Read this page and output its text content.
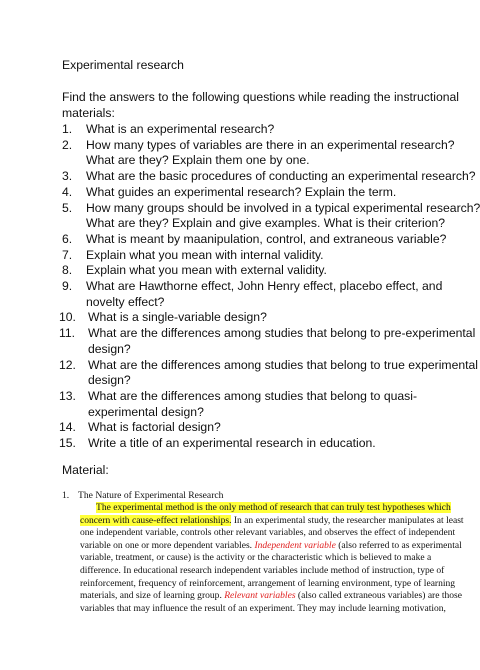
Experimental research
Find the answers to the following questions while reading the instructional
materials:
1. What is an experimental research?
2. How many types of variables are there in an experimental research?
What are they? Explain them one by one.
3. What are the basic procedures of conducting an experimental research?
4. What guides an experimental research? Explain the term.
5. How many groups should be involved in a typical experimental research?
What are they? Explain and give examples. What is their criterion?
6. What is meant by maanipulation, control, and extraneous variable?
7. Explain what you mean with internal validity.
8. Explain what you mean with external validity.
9. What are Hawthorne effect, John Henry effect, placebo effect, and
novelty effect?
10. What is a single-variable design?
11. What are the differences among studies that belong to pre-experimental
design?
12. What are the differences among studies that belong to true experimental
design?
13. What are the differences among studies that belong to quasi-
experimental design?
14. What is factorial design?
15. Write a title of an experimental research in education.
Material:
1. The Nature of Experimental Research
The experimental method is the only method of research that can truly test hypotheses which
concern with cause-effect relationships. In an experimental study, the researcher manipulates at least
one independent variable, controls other relevant variables, and observes the effect of independent
variable on one or more dependent variables. Independent variable (also referred to as experimental
variable, treatment, or cause) is the activity or the characteristic which is believed to make a
difference. In educational research independent variables include method of instruction, type of
reinforcement, frequency of reinforcement, arrangement of learning environment, type of learning
materials, and size of learning group. Relevant variables (also called extraneous variables) are those
variables that may influence the result of an experiment. They may include learning motivation,
